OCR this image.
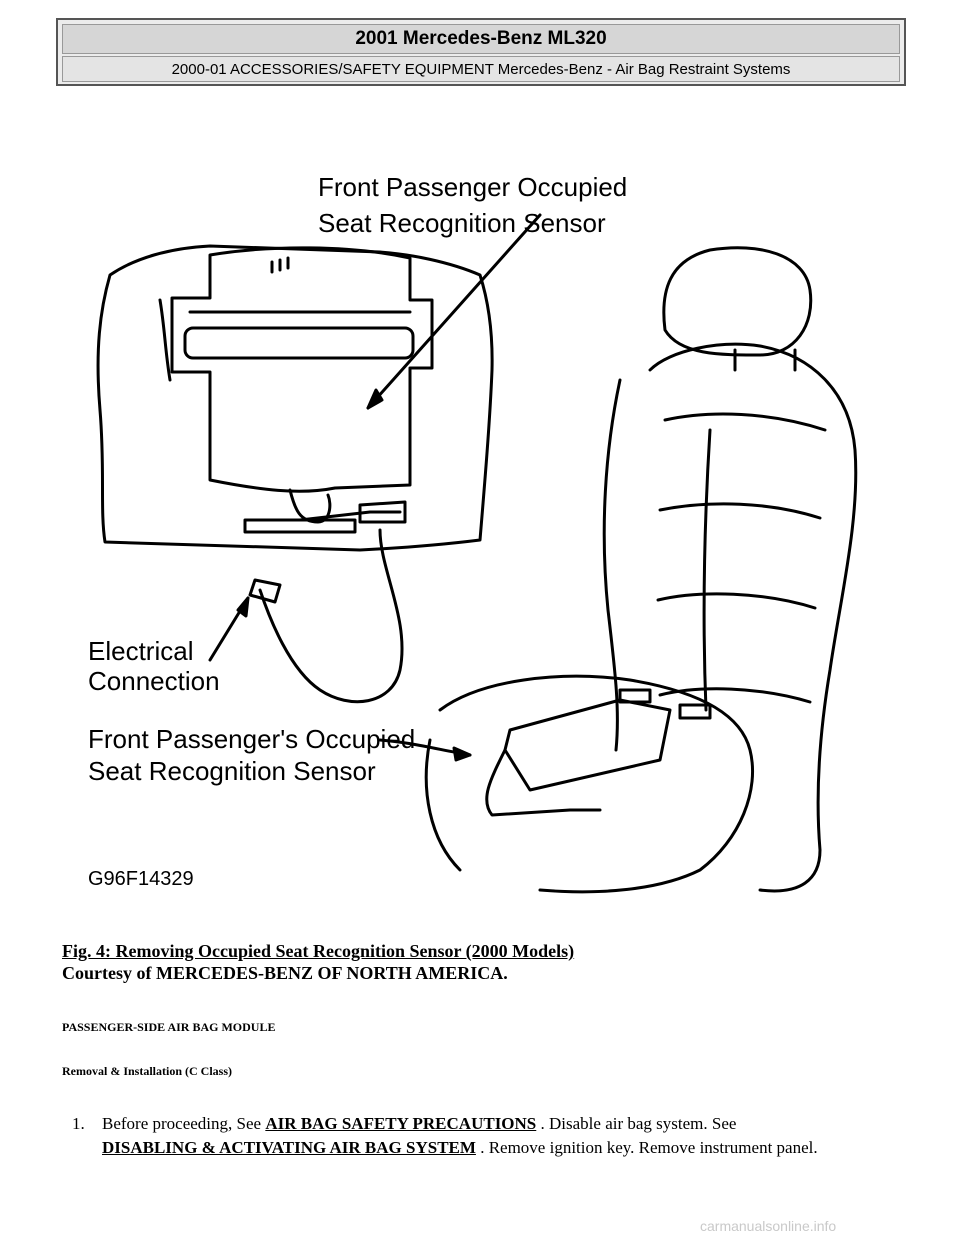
2001 Mercedes-Benz ML320
2000-01 ACCESSORIES/SAFETY EQUIPMENT Mercedes-Benz - Air Bag Restraint Systems
Front Passenger Occupied
Seat Recognition Sensor
Electrical
Connection
Front Passenger's Occupied
Seat Recognition Sensor
G96F14329

Fig. 4: Removing Occupied Seat Recognition Sensor (2000 Models)

Courtesy of MERCEDES-BENZ OF NORTH AMERICA.

PASSENGER-SIDE AIR BAG MODULE

Removal & Installation (C Class)

1. Before proceeding, See AIR BAG SAFETY PRECAUTIONS . Disable air bag system. See
DISABLING & ACTIVATING AIR BAG SYSTEM . Remove ignition key. Remove instrument panel.
carmanualsonline.info
